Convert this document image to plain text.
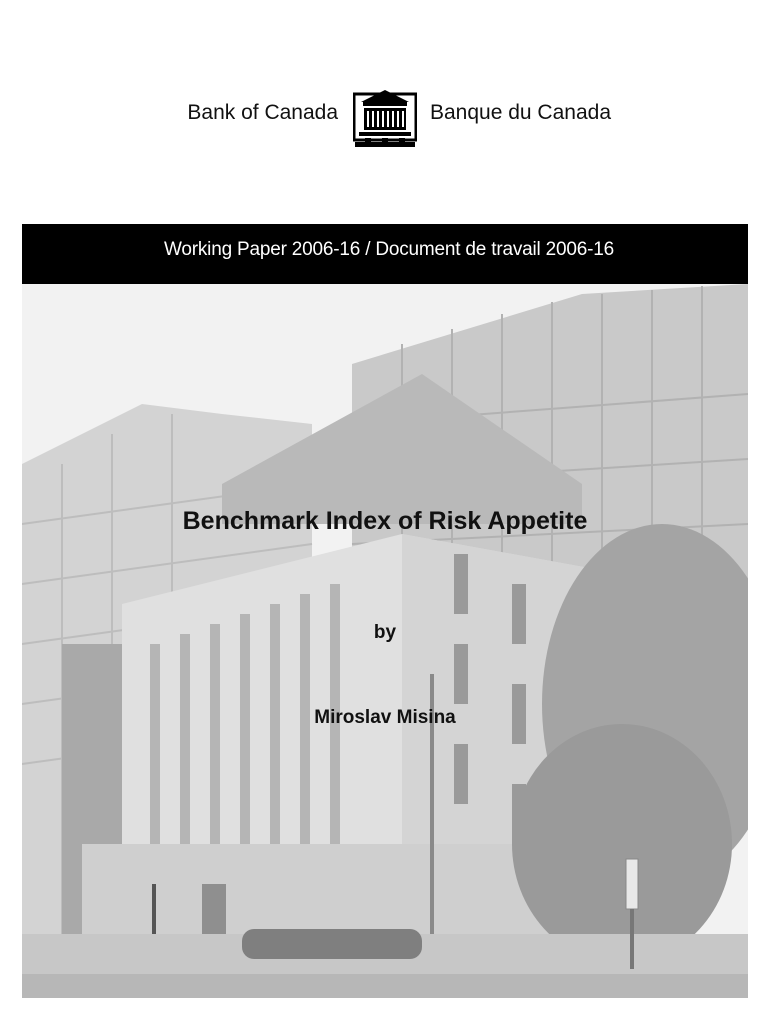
Bank of Canada	Banque du Canada
Working Paper 2006-16 / Document de travail 2006-16
Benchmark Index of Risk Appetite
by
Miroslav Misina
